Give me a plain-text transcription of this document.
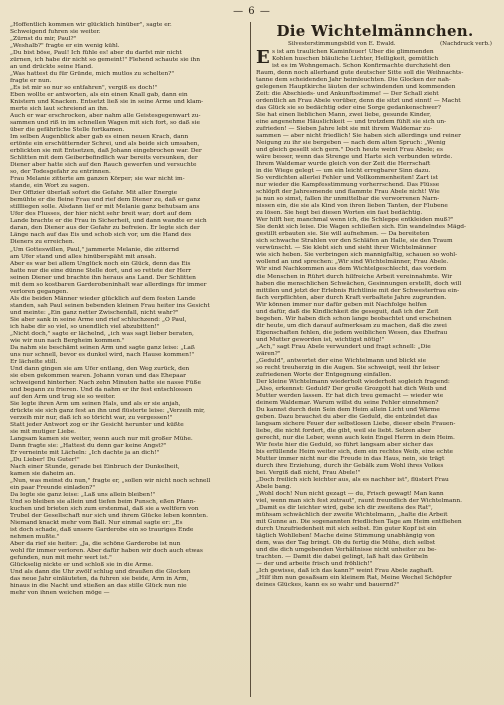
— 6 —
„Hoffentlich kommen wir glücklich hinüber", sagte er.
Schweigend fuhren sie weiter.
„Zürnst du mir, Paul?"
„Weshalb?" fragte er ein wenig kühl.
„Du bist böse, Paul! Ich fühle es! aber du darfst mir nicht
zürnen, ich habe dir nicht so gemeint!" Flehend schaute sie ihn
an und drückte seine Hand.
„Was hattest du für Gründe, mich mutlos zu schelten?"
fragte er nun.
„Es ist mir so nur so entfahren", vergiß es doch!"
Eben wollte er antworten, als ein einen Knall gab, dann ein
Knistern und Knacken. Entsetzt ließ sie in seine Arme und klam-
merte sich laut schreiend an ihn.
Auch er war erschrocken, aber nahm alle Geistesgegenwart zu-
sammen und riß in im schnellen Wagen mit sich fort, so daß sie
über die gefährliche Stelle fortkamen.
Im selben Augenblick aber gab es einen neuen Krach, dann
ertönte ein erschütternder Schrei, und als beide sich umsahen,
erblickten sie mit Entsetzen, daß Johann eingebrochen war. Der
Schlitten mit dem Geiberbefindlich war bereits versunken, der
Diener aber hatte sich auf den Rauch gewerfen und versuchte
so, der Todesgefahr zu entrinnen.
Frau Melanie zitterte am ganzen Körper; sie war nicht im-
stande, ein Wort zu sagen.
Der Offizier überlaß sofort die Gefahr. Mit aller Energie
bemühte er die fleine Frau und rief dem Diener zu, daß er ganz
stillliegen solle. Alsdann lief er mit Melanie ganz behutsam ans
Ufer des Flusses, der hier nicht sehr breit war; dort auf dem
Lande brachte er die Frau in Sicherheit, und dann wandte er sich
daran, den Diener aus der Gefahr zu befreien. Er legte sich der
Länge nach auf das Eis und schob sich vor, um die Hand des
Dieners zu erreichen.
„Um Gotteswillen, Paul," jammerte Melanie, die zitternd
am Ufer stand und alles hinüberspäht mit ansah.
Aber es war bei allem Unglück noch ein Glück, denn das Eis
hatte nur die eine dünne Stelle dort, und so rettete der Herr
seinen Diener und brachte ihn heraus ans Land. Der Schlitten
mit dem so kostbaren Garderobeninhalt war allerdings für immer
verloren gegangen.
Als die beiden Männer wieder glücklich auf dem festen Lande
standen, sah Paul seinen bebenden kleinen Frau heiter ins Gesicht
und meinte: „Ein ganz netter Zwischenfall, nicht wahr?"
Sie aber sank in seine Arme und rief schluchzend: „O Paul,
ich habe dir so viel, so unendlich viel abzubitten!"
„Nicht doch," sagte er lächelnd, „ich was sagt lieber beraten,
wie wir nun nach Bergheim kommen."
Da nahm sie beschämt seinen Arm und sagte ganz leise: „Laß
uns nur schnell, bevor es dunkel wird, nach Hause kommen!"
Er lächelte still.
Und dann gingen sie am Ufer entlang, den Weg zurück, den
sie eben gekommen waren. Johann voran und das Ehepaar
schweigend hinterher. Nach zehn Minuten hatte sie nasse Füße
und begann zu frieren. Und da nahm er ihr fest entschlossen
auf den Arm und trug sie so weiter.
Sie legte ihren Arm um seinen Hals, und als er sie anjah,
drückte sie sich ganz fest an ihn und flüsterte leise: „Verzeih mir,
verzeih mir nur, daß ich so töricht war, zu vergessen!"
Statt jeder Antwort zog er ihr Gesicht herunter und küßte
sie mit mutiger Liebe.
Langsam kamen sie weiter, wenn auch nur mit großer Mühe.
Dann fragte sie: „Hattest du denn gar keine Angst?"
Er verneinte mit Lächeln: „Ich dachte ja an dich!"
„Du Lieber! Du Guter!"
Nach einer Stunde, gerade bei Einbruch der Dunkelheit,
kamen sie daheim an.
„Nun, was meinst du nun," fragte er, „sollen wir nicht noch schnell
ein paar Freunde einladen?"
Da legte sie ganz leise: „Laß uns allein bleiben!"
Und so bleiben sie allein und tiefen beim Punsch, eßen Pfann-
kuchen und brieten sich zum erstenmal, daß sie a weltfern von
Trubel der Gesellschaft nur sich und ihrem Glücke leben konnten.
Niemand knackt mehr vom Ball. Nur einmal sagte er: „Es
ist doch schade, daß unsere Garderobe ein so trauriges Ende
nehmen mußte."
Aber da rief sie heiter: „Ja, die schöne Garderobe ist nun
wohl für immer verloren. Aber dafür haben wir doch auch etwas
gefunden, nun mit mehr wert ist."
Glückselig nickte er und schloß sie in die Arme.
Und als dann die Uhr zwölf schlug und draußen die Glocken
das neue Jahr einläuteten, da fuhren sie beide, Arm in Arm,
hinaus in die Nacht und stießen an das stille Glück nun nie
mehr von ihnen weichen möge —
Die Wichtelmännchen.
Silvesterstimmungsbild von E. Ewald.	(Nachdruck verb.)
E s ist am traulichen Kaminfeuer! Über die glimmenden
Kohlen huschen bläuliche Lichter, Helligkeit, gemütlich
ist es im Wohngemach. Schon Konfirmachte durchzieht den
Raum, denn noch allerhand gute deutscher Sitte soll die Weihnachts-
tanne dem scheidenden Jahr heimleuchten. Die Glocken der nah-
gelegenen Hauptkirche läuten der schwindenden und kommenden
Zeit: die Abschieds- und Ankunftsstimme! — Der Schall zieht
ordentlich an Frau Abele vorüber, denn die sitzt und sinnt! — Macht
das Glück sie so bedächtig oder eine Sorge gedankenschwer?
Sie hat einen lieblichen Mann, zwei liebe, gesunde Kinder,
eine angenehme Häuslichkeit — und trotzdem fühlt sie sich un-
zufrieden! — Sieben Jahre lebt sie mit ihrem Waldemar zu-
sammen — aber nicht friedlich! Sie haben sich allerdings und reiner
Neigung zu ihr sie bergeben — nach dem alten Spruch: „Wenig
und gleich gesellt sich gern." Doch heute weint Frau Abele; es
wäre besser, wenn das Strenge und Harte sich verbunden würde.
Ihrem Waldemar wurde gleich von der Zeit die Herrschaft
in die Wiege gelegt — um ein leicht erregbarer Sinn dazu.
So verdichten allerlei Fehler und Vollkommenheiten! Zart ist
nur wieder die Kampfesstimmung vorherrschend. Das Flüsse
schlöpft der Jahresmende und flammte Frau Abele nicht! Wie
ja nun so simst, fallen ihr unmittelbar die verworrenen Narn-
nissen ein, die sie als Kind von ihren lieben Tanten, der Flubene
zu lösen. Sie hegt bei diesen Worten ein fast bedächtig.
Wer hilft her, manchmal wenn ich, die Schleppe entkleiden muß?"
Sie denkt sich leise. Die Wagen schließen sich. Ein wandelndes Mägd-
gestillt erbauten sie. Sie will aufnehmen. — Da bereiteten
sich schwache Strahlen vor den Schläfen an Halle, sie den Traum
verwünscht. — Sie klebt sich und sieht ihrer Wichtelmänner
wie sich heben. Sie verbringen sich mannigfaltig, schauen so wohl-
wollend an und sprechen: „Wir sind Wichtelmänner, Frau Abele.
Wir sind Nachkommen aus dem Wichtelgeschlecht, das vordem
die Menschen in Rührt durch hilfreiche Arbeit vereinnahmte. Wir
haben die menschlichen Schwächen, Gesinnungen erstellt, doch will
mittilen und jetzt der Erlebnis Richtlinie mit der Schwesterfrau ein-
fach verpflichten, aber durch Kraft verbaltete Jahre zugrunden.
Wir können immer nur dafür geben mit Nachfolge helfen
und dafür, daß die Kindlichkeit die geseguit, daß ich der Zeit
begehen. Wir haben dich schon lange beobachtet und erscheinen
dir heute, um dich darauf aufmerksam zu machen, daß die zwei
Eigenschaften fehlen, die jedem weiblichen Wesen, das Ehefrau
und Mutter geworden ist, wichtigst nötig!"
„Ach," sagt Frau Abele verwundert und fragt schnell: „Die
wären?"
„Geduld", antwortet der eine Wichtelmann und blickt sie
so recht treuherzig in die Augen. Sie schweigt, weil ihr leiser
zufriedenen Worte der Entgegnung einfallen.
Der kleine Wichtelmann wiederholt wiederholt sogleich fragend:
„Also, erkennst: Geduld? Der große Grozgott hat dich Weib und
Mutter werden lassen. Er hat dich treu gemacht — wieder wie
deinem Waldemar. Warum willst du seine Fehler einnehmen?
Du kannst durch dein Sein dem Heim allein Licht und Wärme
geben. Dazu brauchst du aber die Geduld, die entzündet das
langsam sichere Feuer der selbstlosen Liebe, dieser ebeln Frauen-
liebe, die nicht fordert, die gibt, weil sie liebt. Setzen aber
gerecht, nur die Leber, wenn auch kein Engel Herrn in dein Heim.
Wir feste hier die Geduld, so führt langsam aber sicher das
bis erfüllende Heim weiter sich, dem ein rechtes Weib, eine echte
Mutter immer nicht nur die Freude in das Haus, nein, sie trägt
durch ihre Erziehung, durch ihr Gebälk zum Wohl ihres Volkes
bei. Vergiß daß nicht, Frau Abele!"
„Doch freilich sich leichter aus, als es nachher ist", flüstert Frau
Abele bang.
„Wohl doch! Nun nicht gezagt — du, Frisch gewagt! Man kann
viel, wenn man sich fest zutraut", raunt freundlich der Wichtelmann.
„Damit es dir leichter wird, gebe ich dir zweitens des Rat",
mühsam schwächlich der zweite Wichtelmann, „halte die Arbeit
mit Gunne an. Die sogenannten friedlichen Tage am Heim entfliehen
durch Unzufriedenheit mit sich selbst. Ein guter Kopf ist ein
täglich Wohlleben! Mache deine Stimmung unabhängig von
dem, was der Tag bringt. Ob du fertig die Mühe, dich selbst
und die dich umgebenden Verhältnisse nicht unheiter zu be-
trachten. — Damit die dabei gelingt, laß halt das Grübeln
— der und arbeite frisch und fröhlich!"
„Ich gewisse, daß ich das kann?" weint Frau Abele zaghaft.
„Hilf ihm nun gesaßsam ein kleinem Rat, Meine Wechel Schöpfer
deines Glückes, kann es so wahr und bauernd?"
